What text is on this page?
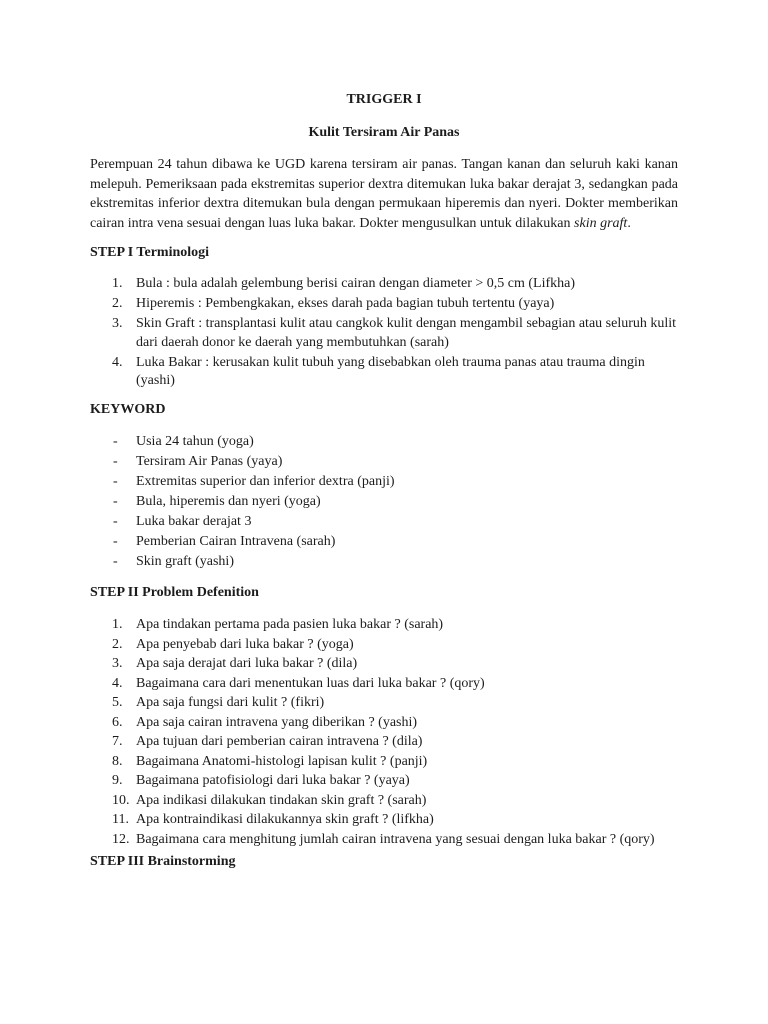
TRIGGER I
Kulit Tersiram Air Panas

Perempuan 24 tahun dibawa ke UGD karena tersiram air panas. Tangan kanan dan seluruh kaki kanan melepuh. Pemeriksaan pada ekstremitas superior dextra ditemukan luka bakar derajat 3, sedangkan pada ekstremitas inferior dextra ditemukan bula dengan permukaan hiperemis dan nyeri. Dokter memberikan cairan intra vena sesuai dengan luas luka bakar. Dokter mengusulkan untuk dilakukan skin graft.

STEP I Terminologi
1. Bula : bula adalah gelembung berisi cairan dengan diameter > 0,5 cm (Lifkha)
2. Hiperemis : Pembengkakan, ekses darah pada bagian tubuh tertentu (yaya)
3. Skin Graft : transplantasi kulit atau cangkok kulit dengan mengambil sebagian atau seluruh kulit dari daerah donor ke daerah yang membutuhkan (sarah)
4. Luka Bakar : kerusakan kulit tubuh yang disebabkan oleh trauma panas atau trauma dingin (yashi)
KEYWORD
- Usia 24 tahun (yoga)
- Tersiram Air Panas (yaya)
- Extremitas superior dan inferior dextra (panji)
- Bula, hiperemis dan nyeri (yoga)
- Luka bakar derajat 3
- Pemberian Cairan Intravena (sarah)
- Skin graft (yashi)
STEP II Problem Defenition
1. Apa tindakan pertama pada pasien luka bakar ? (sarah)
2. Apa penyebab dari luka bakar ? (yoga)
3. Apa saja derajat dari luka bakar ? (dila)
4. Bagaimana cara dari menentukan luas dari luka bakar ? (qory)
5. Apa saja fungsi dari kulit ? (fikri)
6. Apa saja cairan intravena yang diberikan ? (yashi)
7. Apa tujuan dari pemberian cairan intravena ? (dila)
8. Bagaimana Anatomi-histologi lapisan kulit ? (panji)
9. Bagaimana patofisiologi dari luka bakar ? (yaya)
10. Apa indikasi dilakukan tindakan skin graft ? (sarah)
11. Apa kontraindikasi dilakukannya skin graft ? (lifkha)
12. Bagaimana cara menghitung jumlah cairan intravena yang sesuai dengan luka bakar ? (qory)
STEP III Brainstorming
